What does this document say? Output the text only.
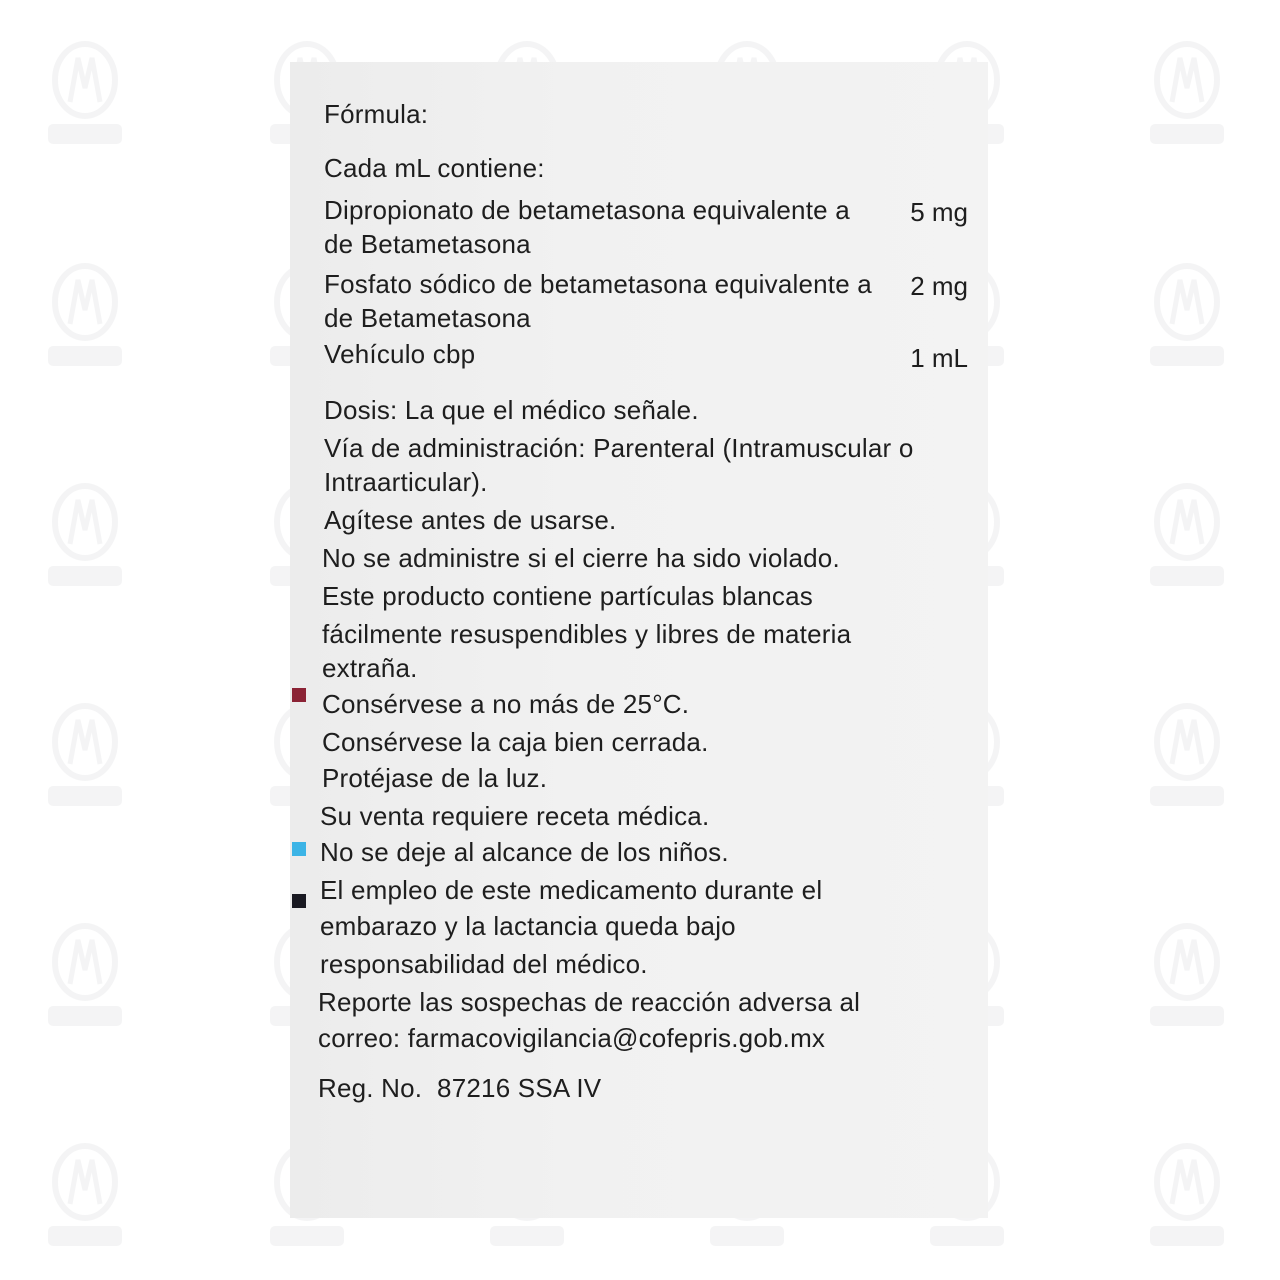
Fórmula:
Cada mL contiene:
Dipropionato de betametasona equivalente a	5 mg
de Betametasona
Fosfato sódico de betametasona equivalente a	2 mg
de Betametasona
Vehículo cbp	1 mL
Dosis: La que el médico señale.
Vía de administración: Parenteral (Intramuscular o
Intraarticular).
Agítese antes de usarse.
No se administre si el cierre ha sido violado.
Este producto contiene partículas blancas
fácilmente resuspendibles y libres de materia
extraña.
Consérvese a no más de 25°C.
Consérvese la caja bien cerrada.
Protéjase de la luz.
Su venta requiere receta médica.
No se deje al alcance de los niños.
El empleo de este medicamento durante el
embarazo y la lactancia queda bajo
responsabilidad del médico.
Reporte las sospechas de reacción adversa al
correo: farmacovigilancia@cofepris.gob.mx
Reg. No.  87216 SSA IV
